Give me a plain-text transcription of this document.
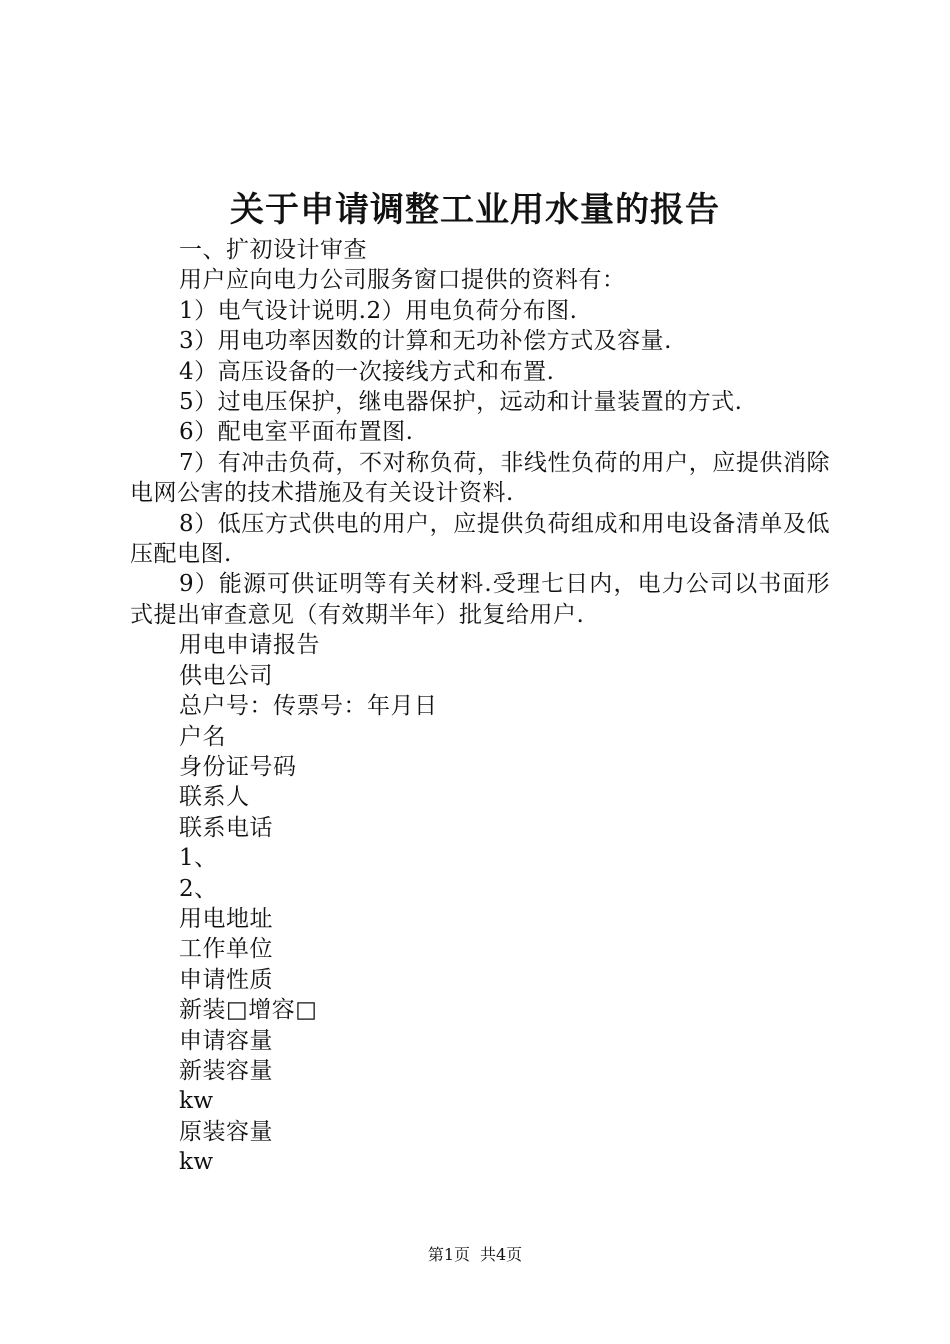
关于申请调整工业用水量的报告

一、扩初设计审查

用户应向电力公司服务窗口提供的资料有：

1）电气设计说明.2）用电负荷分布图.

3）用电功率因数的计算和无功补偿方式及容量.

4）高压设备的一次接线方式和布置.

5）过电压保护，继电器保护，远动和计量装置的方式.

6）配电室平面布置图.

7）有冲击负荷，不对称负荷，非线性负荷的用户，应提供消除电网公害的技术措施及有关设计资料.

8）低压方式供电的用户，应提供负荷组成和用电设备清单及低压配电图.

9）能源可供证明等有关材料.受理七日内，电力公司以书面形式提出审查意见（有效期半年）批复给用户.

用电申请报告

供电公司

总户号：传票号：年月日

户名

身份证号码

联系人

联系电话

1、

2、

用电地址

工作单位

申请性质

新装□增容□

申请容量

新装容量

kw

原装容量

kw

第1页 共4页
